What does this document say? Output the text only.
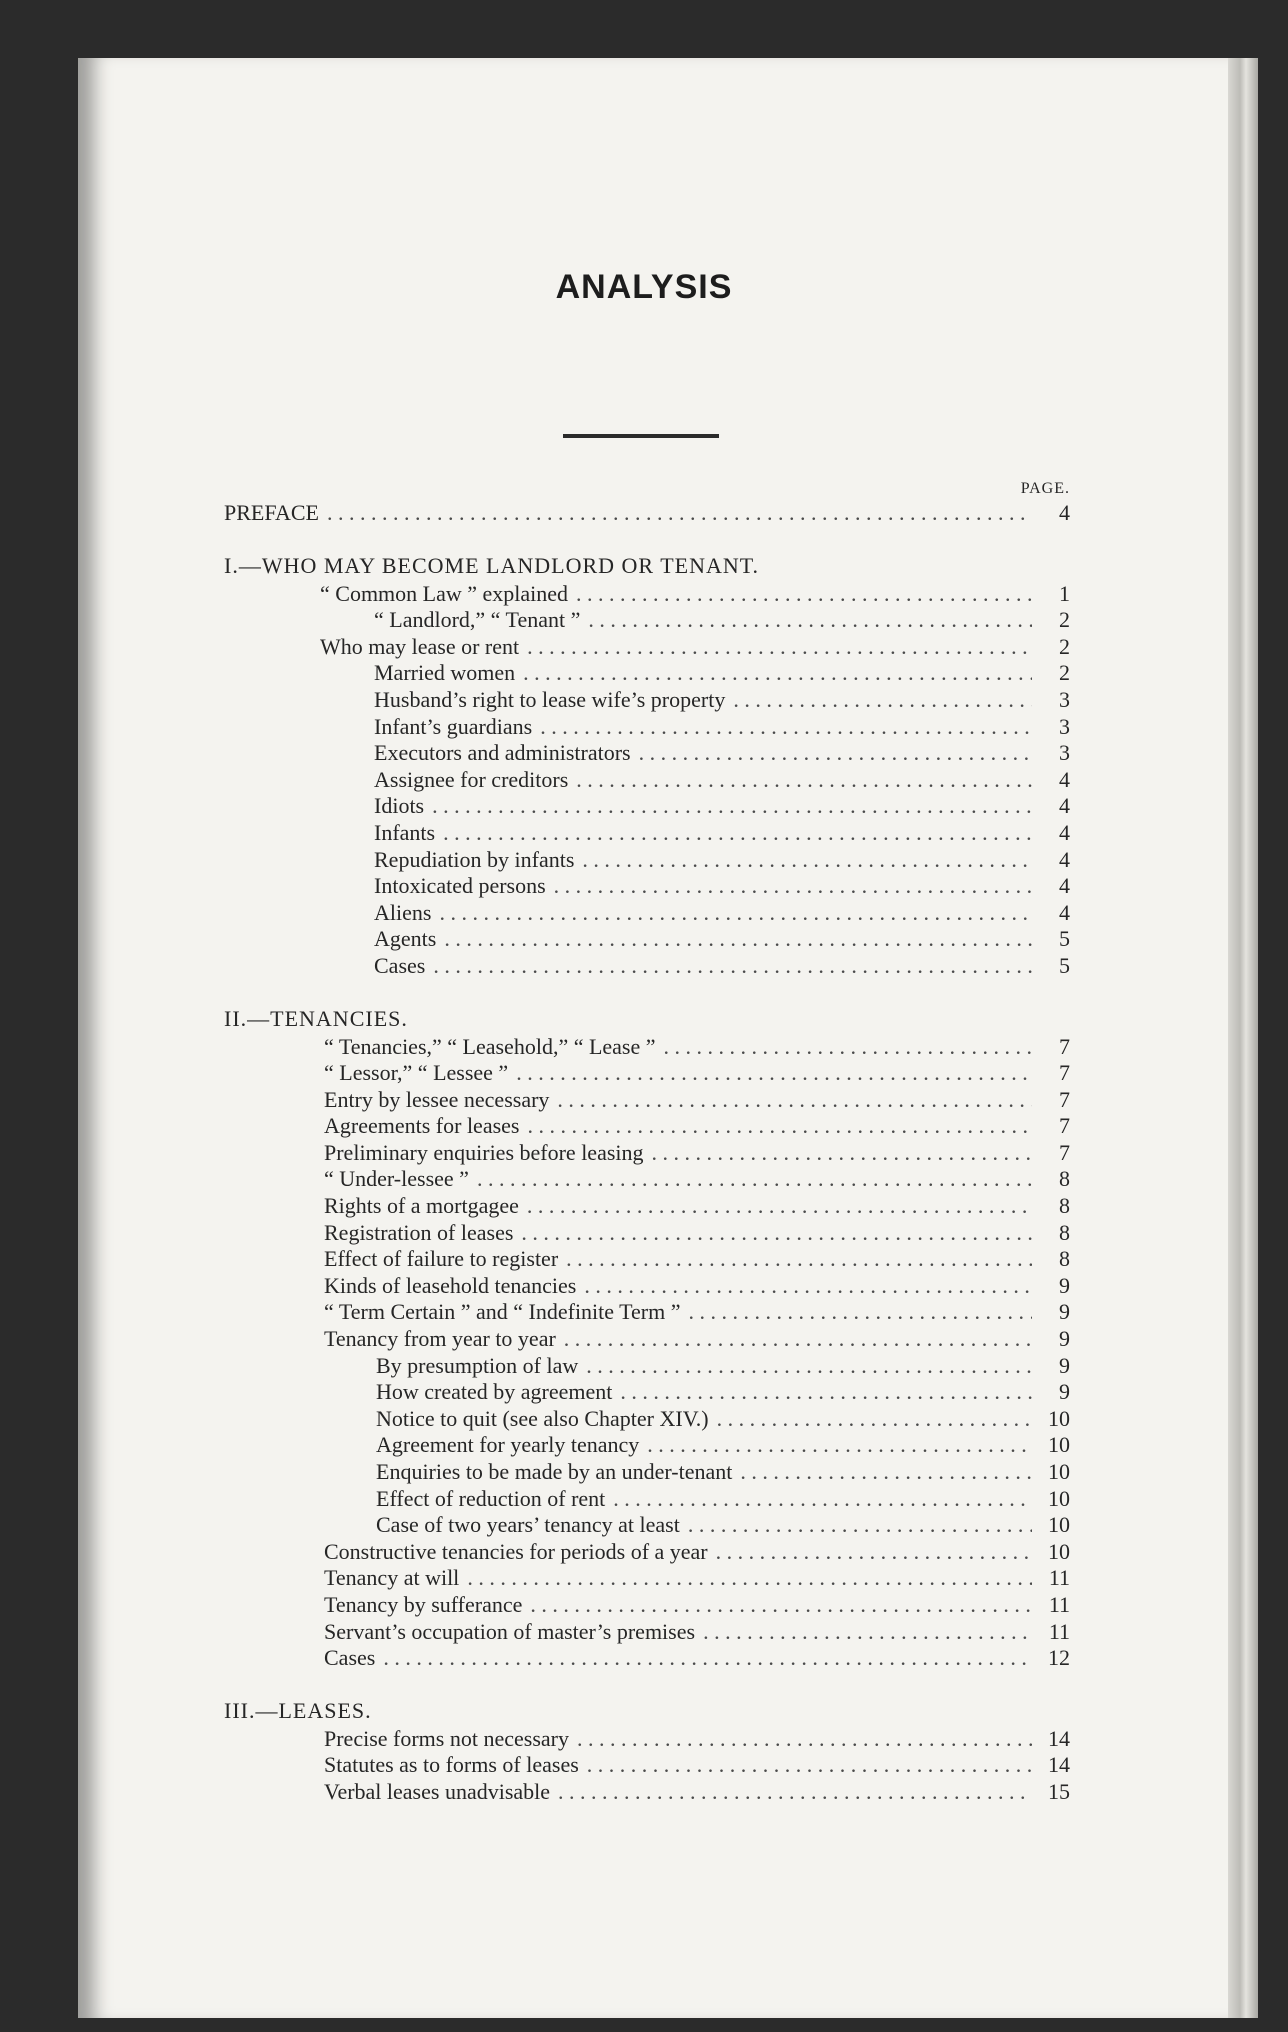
ANALYSIS
PAGE.
PREFACE . . .	4
I.—WHO MAY BECOME LANDLORD OR TENANT.
“ Common Law ” explained . . .	1
“ Landlord,” “ Tenant ” . . .	2
Who may lease or rent . . .	2
Married women . . .	2
Husband’s right to lease wife’s property . . .	3
Infant’s guardians . . .	3
Executors and administrators . . .	3
Assignee for creditors . . .	4
Idiots . . .	4
Infants . . .	4
Repudiation by infants . . .	4
Intoxicated persons . . .	4
Aliens . . .	4
Agents . . .	5
Cases . . .	5
II.—TENANCIES.
“ Tenancies,” “ Leasehold,” “ Lease ” . . .	7
“ Lessor,” “ Lessee ” . . .	7
Entry by lessee necessary . . .	7
Agreements for leases . . .	7
Preliminary enquiries before leasing . . .	7
“ Under-lessee ” . . .	8
Rights of a mortgagee . . .	8
Registration of leases . . .	8
Effect of failure to register . . .	8
Kinds of leasehold tenancies . . .	9
“ Term Certain ” and “ Indefinite Term ” . . .	9
Tenancy from year to year . . .	9
By presumption of law . . .	9
How created by agreement . . .	9
Notice to quit (see also Chapter XIV.) . . .	10
Agreement for yearly tenancy . . .	10
Enquiries to be made by an under-tenant . . .	10
Effect of reduction of rent . . .	10
Case of two years’ tenancy at least . . .	10
Constructive tenancies for periods of a year . . .	10
Tenancy at will . . .	11
Tenancy by sufferance . . .	11
Servant’s occupation of master’s premises . . .	11
Cases . . .	12
III.—LEASES.
Precise forms not necessary . . .	14
Statutes as to forms of leases . . .	14
Verbal leases unadvisable . . .	15
